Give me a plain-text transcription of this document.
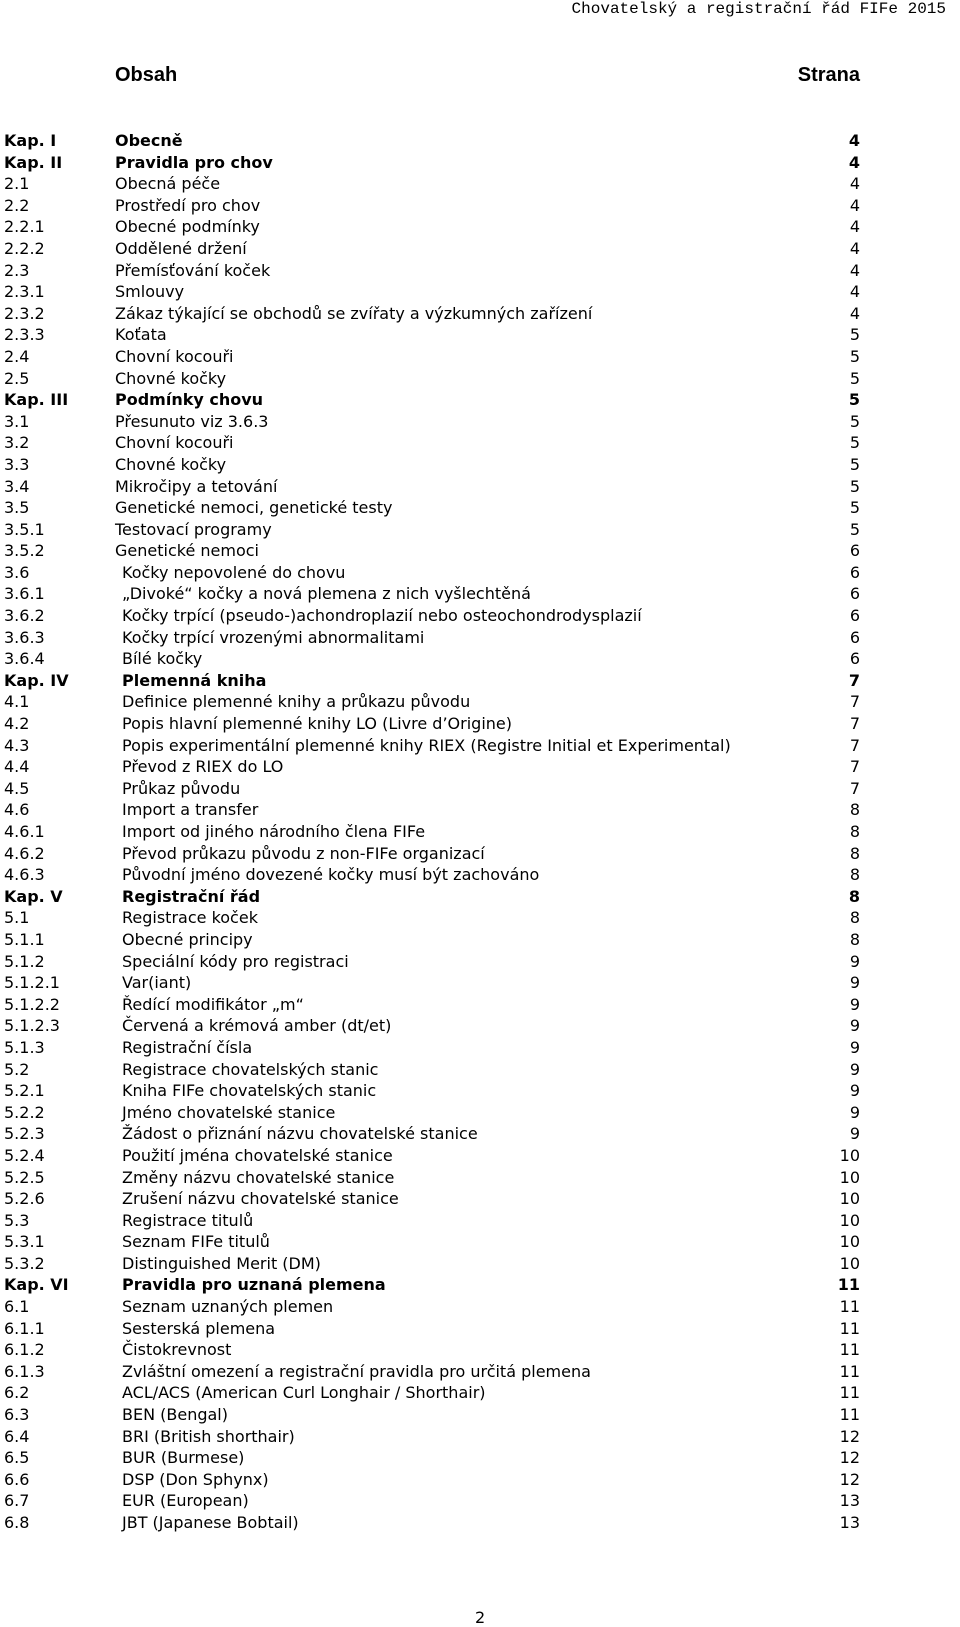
Chovatelský a registrační řád FIFe 2015
Obsah	Strana
Kap. I	Obecně	4
Kap. II	Pravidla pro chov	4
2.1	Obecná péče	4
2.2	Prostředí pro chov	4
2.2.1	Obecné podmínky	4
2.2.2	Oddělené držení	4
2.3	Přemísťování koček	4
2.3.1	Smlouvy	4
2.3.2	Zákaz týkající se obchodů se zvířaty a výzkumných zařízení	4
2.3.3	Koťata	5
2.4	Chovní kocouři	5
2.5	Chovné kočky	5
Kap. III	Podmínky chovu	5
3.1	Přesunuto viz 3.6.3	5
3.2	Chovní kocouři	5
3.3	Chovné kočky	5
3.4	Mikročipy a tetování	5
3.5	Genetické nemoci, genetické testy	5
3.5.1	Testovací programy	5
3.5.2	Genetické nemoci	6
3.6	Kočky nepovolené do chovu	6
3.6.1	„Divoké“ kočky a nová plemena z nich vyšlechtěná	6
3.6.2	Kočky trpící (pseudo-)achondroplazií nebo osteochondrodysplazií	6
3.6.3	Kočky trpící vrozenými abnormalitami	6
3.6.4	Bílé kočky	6
Kap. IV	Plemenná kniha	7
4.1	Definice plemenné knihy a průkazu původu	7
4.2	Popis hlavní plemenné knihy LO (Livre d’Origine)	7
4.3	Popis experimentální plemenné knihy RIEX (Registre Initial et Experimental)	7
4.4	Převod z RIEX do LO	7
4.5	Průkaz původu	7
4.6	Import a transfer	8
4.6.1	Import od jiného národního člena FIFe	8
4.6.2	Převod průkazu původu z non-FIFe organizací	8
4.6.3	Původní jméno dovezené kočky musí být zachováno	8
Kap. V	Registrační řád	8
5.1	Registrace koček	8
5.1.1	Obecné principy	8
5.1.2	Speciální kódy pro registraci	9
5.1.2.1	Var(iant)	9
5.1.2.2	Ředící modifikátor „m“	9
5.1.2.3	Červená a krémová amber (dt/et)	9
5.1.3	Registrační čísla	9
5.2	Registrace chovatelských stanic	9
5.2.1	Kniha FIFe chovatelských stanic	9
5.2.2	Jméno chovatelské stanice	9
5.2.3	Žádost o přiznání názvu chovatelské stanice	9
5.2.4	Použití jména chovatelské stanice	10
5.2.5	Změny názvu chovatelské stanice	10
5.2.6	Zrušení názvu chovatelské stanice	10
5.3	Registrace titulů	10
5.3.1	Seznam FIFe titulů	10
5.3.2	Distinguished Merit (DM)	10
Kap. VI	Pravidla pro uznaná plemena	11
6.1	Seznam uznaných plemen	11
6.1.1	Sesterská plemena	11
6.1.2	Čistokrevnost	11
6.1.3	Zvláštní omezení a registrační pravidla pro určitá plemena	11
6.2	ACL/ACS (American Curl Longhair / Shorthair)	11
6.3	BEN (Bengal)	11
6.4	BRI (British shorthair)	12
6.5	BUR (Burmese)	12
6.6	DSP (Don Sphynx)	12
6.7	EUR (European)	13
6.8	JBT (Japanese Bobtail)	13
2
